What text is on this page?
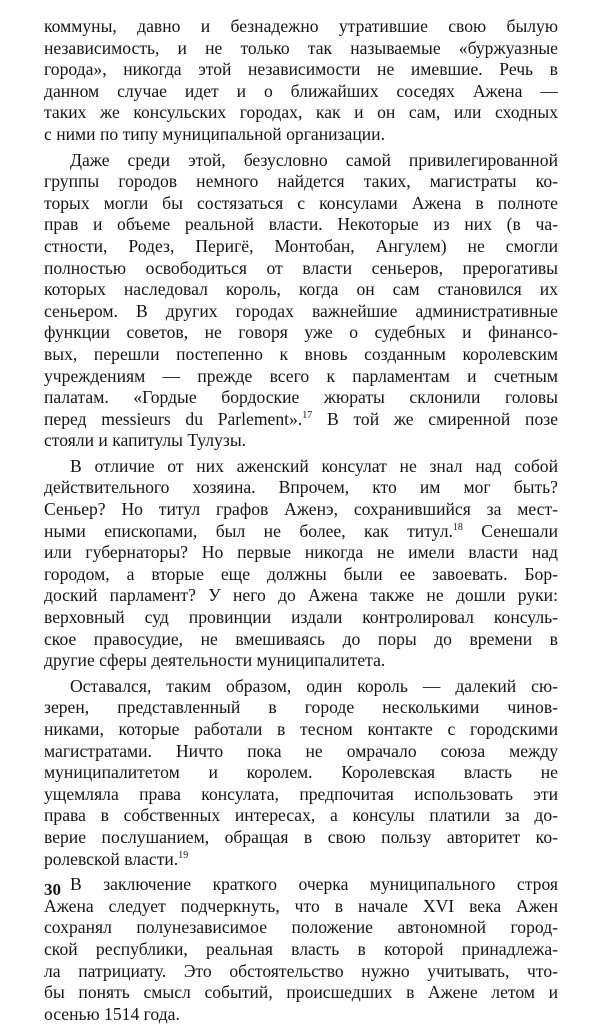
коммуны, давно и безнадежно утратившие свою былую
независимость, и не только так называемые «буржуазные
города», никогда этой независимости не имевшие. Речь в
данном случае идет и о ближайших соседях Ажена —
таких же консульских городах, как и он сам, или сходных
с ними по типу муниципальной организации.
Даже среди этой, безусловно самой привилегированной
группы городов немного найдется таких, магистраты ко-
торых могли бы состязаться с консулами Ажена в полноте
прав и объеме реальной власти. Некоторые из них (в ча-
стности, Родез, Перигё, Монтобан, Ангулем) не смогли
полностью освободиться от власти сеньеров, прерогативы
которых наследовал король, когда он сам становился их
сеньером. В других городах важнейшие административные
функции советов, не говоря уже о судебных и финансо-
вых, перешли постепенно к вновь созданным королевским
учреждениям — прежде всего к парламентам и счетным
палатам. «Гордые бордоские жюраты склонили головы
перед messieurs du Parlement».$^{17}$ В той же смиренной позе
стояли и капитулы Тулузы.
В отличие от них аженский консулат не знал над собой
действительного хозяина. Впрочем, кто им мог быть?
Сеньер? Но титул графов Аженэ, сохранившийся за мест-
ными епископами, был не более, как титул.$^{18}$ Сенешали
или губернаторы? Но первые никогда не имели власти над
городом, а вторые еще должны были ее завоевать. Бор-
доский парламент? У него до Ажена также не дошли руки:
верховный суд провинции издали контролировал консуль-
ское правосудие, не вмешиваясь до поры до времени в
другие сферы деятельности муниципалитета.
Оставался, таким образом, один король — далекий сю-
зерен, представленный в городе несколькими чинов-
никами, которые работали в тесном контакте с городскими
магистратами. Ничто пока не омрачало союза между
муниципалитетом и королем. Королевская власть не
ущемляла права консулата, предпочитая использовать эти
права в собственных интересах, а консулы платили за до-
верие послушанием, обращая в свою пользу авторитет ко-
ролевской власти.$^{19}$
В заключение краткого очерка муниципального строя
Ажена следует подчеркнуть, что в начале XVI века Ажен
сохранял полунезависимое положение автономной город-
ской республики, реальная власть в которой принадлежа-
ла патрициату. Это обстоятельство нужно учитывать, что-
бы понять смысл событий, происшедших в Ажене летом и
осенью 1514 года.
30
